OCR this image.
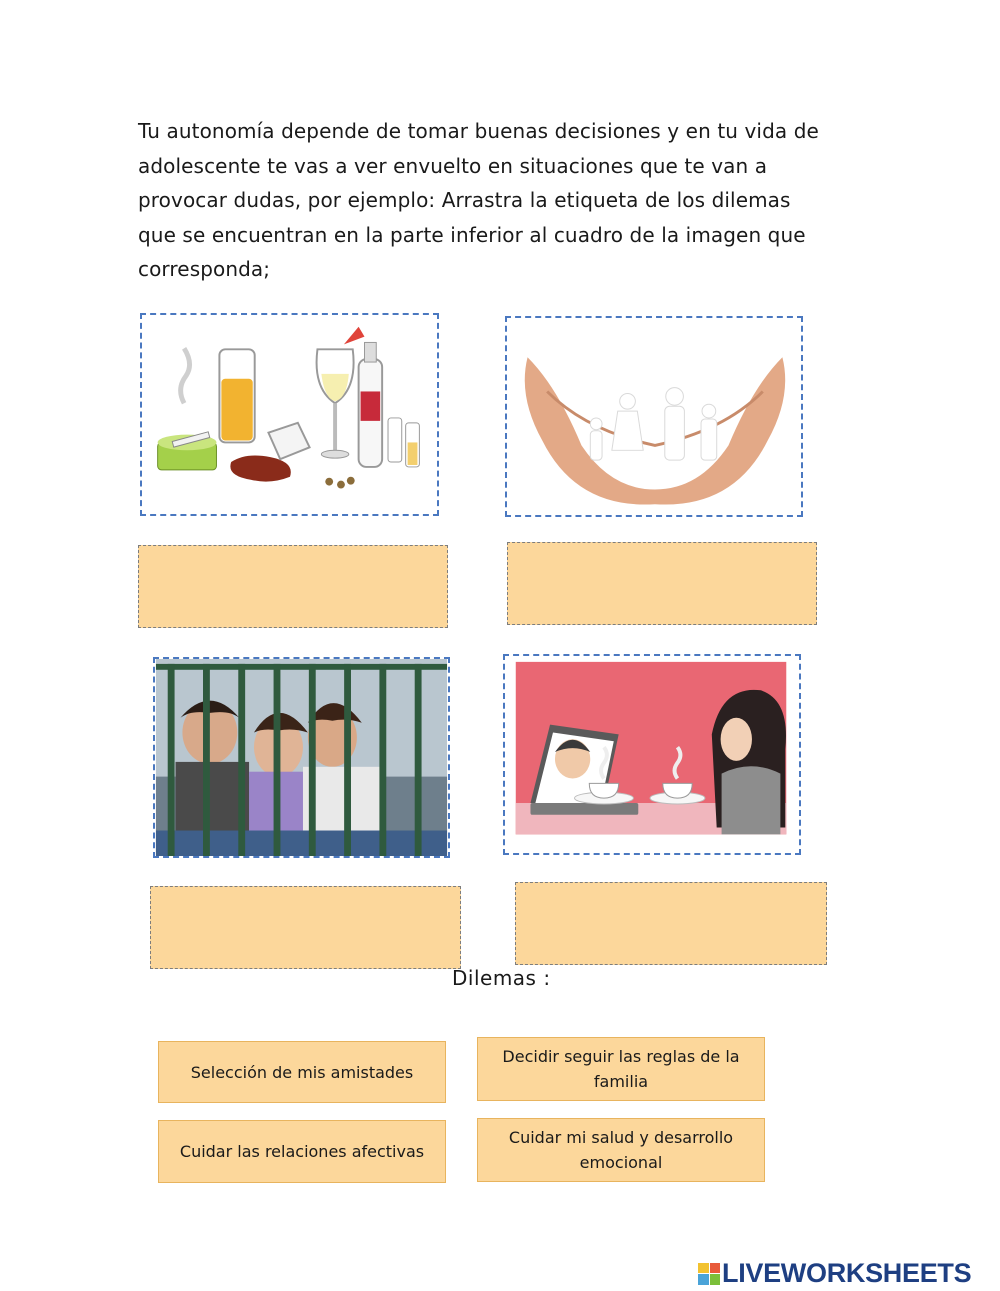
Tu autonomía depende de tomar buenas decisiones y en tu vida de
adolescente te vas a ver envuelto en situaciones que te van a
provocar dudas, por ejemplo: Arrastra la etiqueta de los dilemas
que se encuentran en la parte inferior al cuadro de la imagen que
corresponda;

Dilemas :

Selección de mis amistades
Decidir seguir las reglas de la familia
Cuidar las relaciones afectivas
Cuidar mi salud y desarrollo emocional
LIVEWORKSHEETS
